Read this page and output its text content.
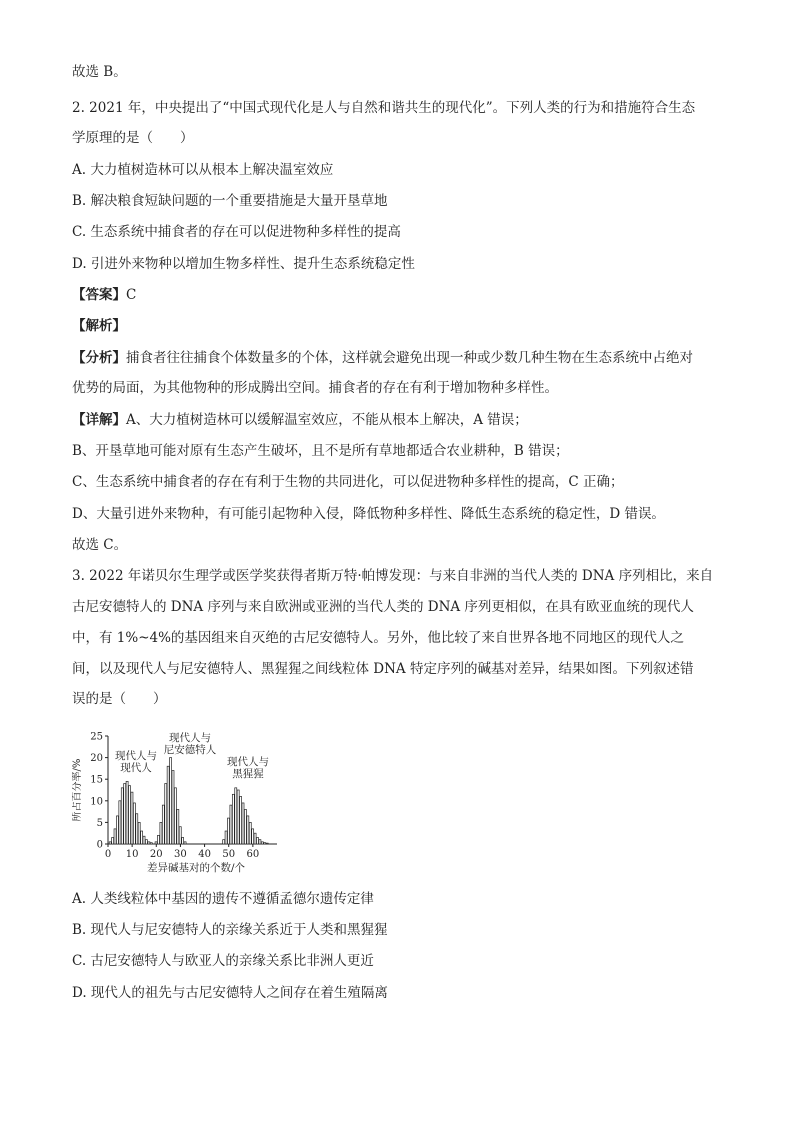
故选 B。
2. 2021 年，中央提出了“中国式现代化是人与自然和谐共生的现代化”。下列人类的行为和措施符合生态
学原理的是（　　）
A. 大力植树造林可以从根本上解决温室效应
B. 解决粮食短缺问题的一个重要措施是大量开垦草地
C. 生态系统中捕食者的存在可以促进物种多样性的提高
D. 引进外来物种以增加生物多样性、提升生态系统稳定性
【答案】C
【解析】
【分析】捕食者往往捕食个体数量多的个体，这样就会避免出现一种或少数几种生物在生态系统中占绝对
优势的局面，为其他物种的形成腾出空间。捕食者的存在有利于增加物种多样性。
【详解】A、大力植树造林可以缓解温室效应，不能从根本上解决，A 错误；
B、开垦草地可能对原有生态产生破坏，且不是所有草地都适合农业耕种，B 错误；
C、生态系统中捕食者的存在有利于生物的共同进化，可以促进物种多样性的提高，C 正确；
D、大量引进外来物种，有可能引起物种入侵，降低物种多样性、降低生态系统的稳定性，D 错误。
故选 C。
3. 2022 年诺贝尔生理学或医学奖获得者斯万特·帕博发现：与来自非洲的当代人类的 DNA 序列相比，来自
古尼安德特人的 DNA 序列与来自欧洲或亚洲的当代人类的 DNA 序列更相似，在具有欧亚血统的现代人
中，有 1%~4%的基因组来自灭绝的古尼安德特人。另外，他比较了来自世界各地不同地区的现代人之
间，以及现代人与尼安德特人、黑猩猩之间线粒体 DNA 特定序列的碱基对差异，结果如图。下列叙述错
误的是（　　）
0
5
10
15
20
25
0 10 20 30 40 50 60
所占百分率/%
差异碱基对的个数/个
现代人与现代人
现代人与尼安德特人
现代人与黑猩猩
A. 人类线粒体中基因的遗传不遵循孟德尔遗传定律
B. 现代人与尼安德特人的亲缘关系近于人类和黑猩猩
C. 古尼安德特人与欧亚人的亲缘关系比非洲人更近
D. 现代人的祖先与古尼安德特人之间存在着生殖隔离
